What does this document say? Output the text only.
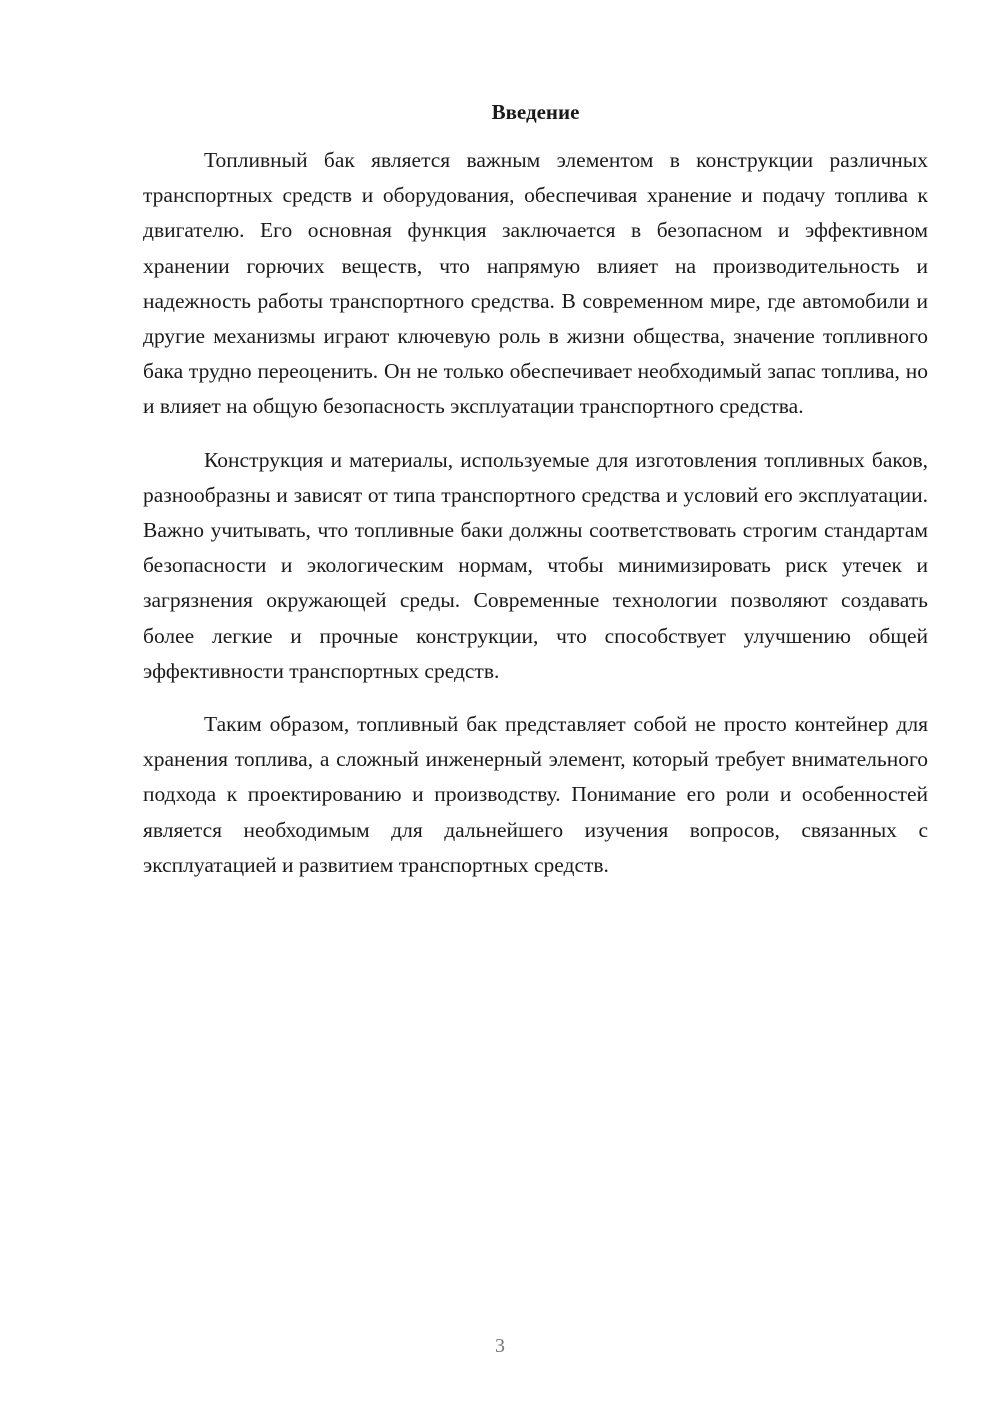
Введение

Топливный бак является важным элементом в конструкции различных транспортных средств и оборудования, обеспечивая хранение и подачу топлива к двигателю. Его основная функция заключается в безопасном и эффективном хранении горючих веществ, что напрямую влияет на производительность и надежность работы транспортного средства. В современном мире, где автомобили и другие механизмы играют ключевую роль в жизни общества, значение топливного бака трудно переоценить. Он не только обеспечивает необходимый запас топлива, но и влияет на общую безопасность эксплуатации транспортного средства.

Конструкция и материалы, используемые для изготовления топливных баков, разнообразны и зависят от типа транспортного средства и условий его эксплуатации. Важно учитывать, что топливные баки должны соответствовать строгим стандартам безопасности и экологическим нормам, чтобы минимизировать риск утечек и загрязнения окружающей среды. Современные технологии позволяют создавать более легкие и прочные конструкции, что способствует улучшению общей эффективности транспортных средств.

Таким образом, топливный бак представляет собой не просто контейнер для хранения топлива, а сложный инженерный элемент, который требует внимательного подхода к проектированию и производству. Понимание его роли и особенностей является необходимым для дальнейшего изучения вопросов, связанных с эксплуатацией и развитием транспортных средств.

3
